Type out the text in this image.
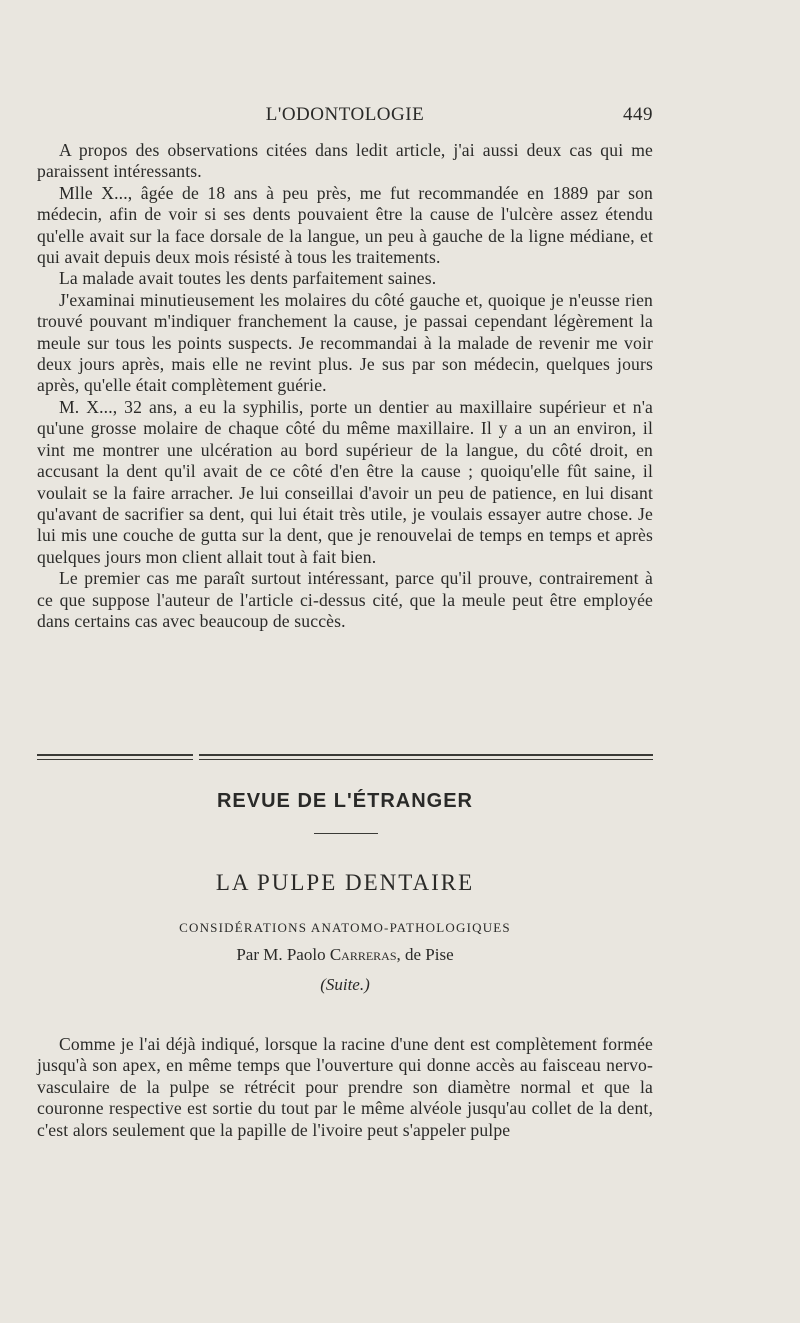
L'ODONTOLOGIE	449

A propos des observations citées dans ledit article, j'ai aussi deux cas qui me paraissent intéressants.

Mlle X..., âgée de 18 ans à peu près, me fut recommandée en 1889 par son médecin, afin de voir si ses dents pouvaient être la cause de l'ulcère assez étendu qu'elle avait sur la face dorsale de la langue, un peu à gauche de la ligne médiane, et qui avait depuis deux mois résisté à tous les traitements.

La malade avait toutes les dents parfaitement saines.

J'examinai minutieusement les molaires du côté gauche et, quoique je n'eusse rien trouvé pouvant m'indiquer franchement la cause, je passai cependant légèrement la meule sur tous les points suspects. Je recommandai à la malade de revenir me voir deux jours après, mais elle ne revint plus. Je sus par son médecin, quelques jours après, qu'elle était complètement guérie.

M. X..., 32 ans, a eu la syphilis, porte un dentier au maxillaire supérieur et n'a qu'une grosse molaire de chaque côté du même maxillaire. Il y a un an environ, il vint me montrer une ulcération au bord supérieur de la langue, du côté droit, en accusant la dent qu'il avait de ce côté d'en être la cause ; quoiqu'elle fût saine, il voulait se la faire arracher. Je lui conseillai d'avoir un peu de patience, en lui disant qu'avant de sacrifier sa dent, qui lui était très utile, je voulais essayer autre chose. Je lui mis une couche de gutta sur la dent, que je renouvelai de temps en temps et après quelques jours mon client allait tout à fait bien.

Le premier cas me paraît surtout intéressant, parce qu'il prouve, contrairement à ce que suppose l'auteur de l'article ci-dessus cité, que la meule peut être employée dans certains cas avec beaucoup de succès.

REVUE DE L'ÉTRANGER
LA PULPE DENTAIRE
CONSIDÉRATIONS ANATOMO-PATHOLOGIQUES
Par M. Paolo Carreras, de Pise
(Suite.)

Comme je l'ai déjà indiqué, lorsque la racine d'une dent est complètement formée jusqu'à son apex, en même temps que l'ouverture qui donne accès au faisceau nervo-vasculaire de la pulpe se rétrécit pour prendre son diamètre normal et que la couronne respective est sortie du tout par le même alvéole jusqu'au collet de la dent, c'est alors seulement que la papille de l'ivoire peut s'appeler pulpe
